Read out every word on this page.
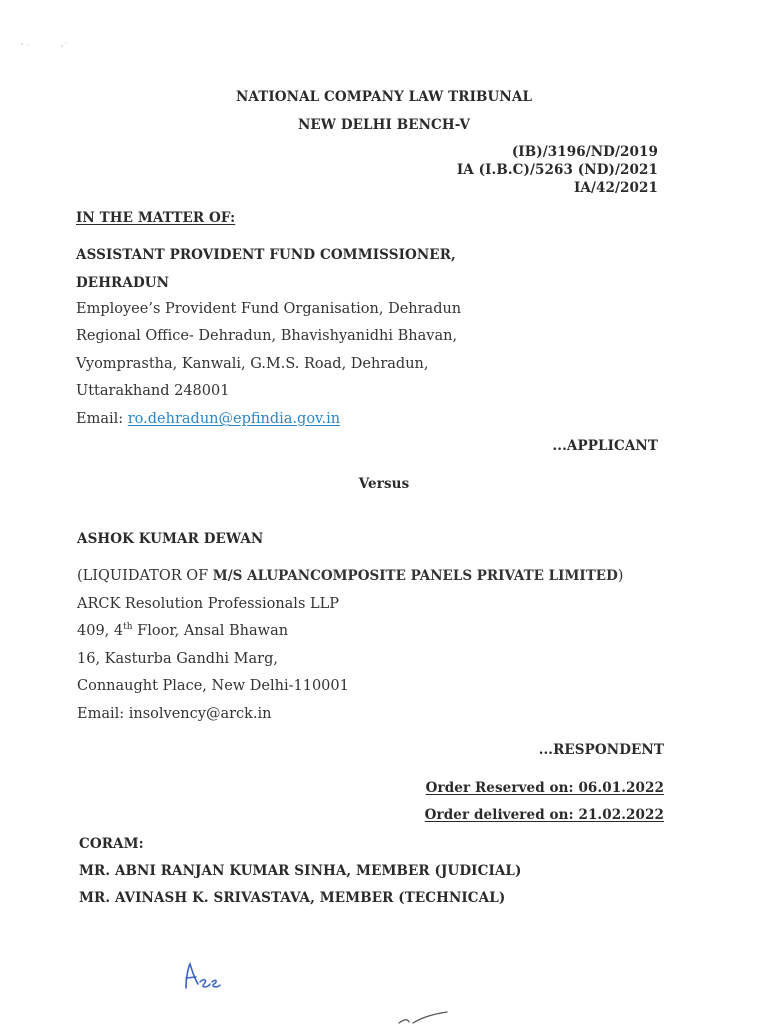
NATIONAL COMPANY LAW TRIBUNAL
NEW DELHI BENCH-V
(IB)/3196/ND/2019
IA (I.B.C)/5263 (ND)/2021
IA/42/2021
IN THE MATTER OF:
ASSISTANT PROVIDENT FUND COMMISSIONER,
DEHRADUN
Employee’s Provident Fund Organisation, Dehradun
Regional Office- Dehradun, Bhavishyanidhi Bhavan,
Vyomprastha, Kanwali, G.M.S. Road, Dehradun,
Uttarakhand 248001
Email: ro.dehradun@epfindia.gov.in
...APPLICANT
Versus
ASHOK KUMAR DEWAN
(LIQUIDATOR OF M/S ALUPANCOMPOSITE PANELS PRIVATE LIMITED)
ARCK Resolution Professionals LLP
409, 4th Floor, Ansal Bhawan
16, Kasturba Gandhi Marg,
Connaught Place, New Delhi-110001
Email: insolvency@arck.in
...RESPONDENT
Order Reserved on: 06.01.2022
Order delivered on: 21.02.2022
CORAM:
MR. ABNI RANJAN KUMAR SINHA, MEMBER (JUDICIAL)
MR. AVINASH K. SRIVASTAVA, MEMBER (TECHNICAL)
